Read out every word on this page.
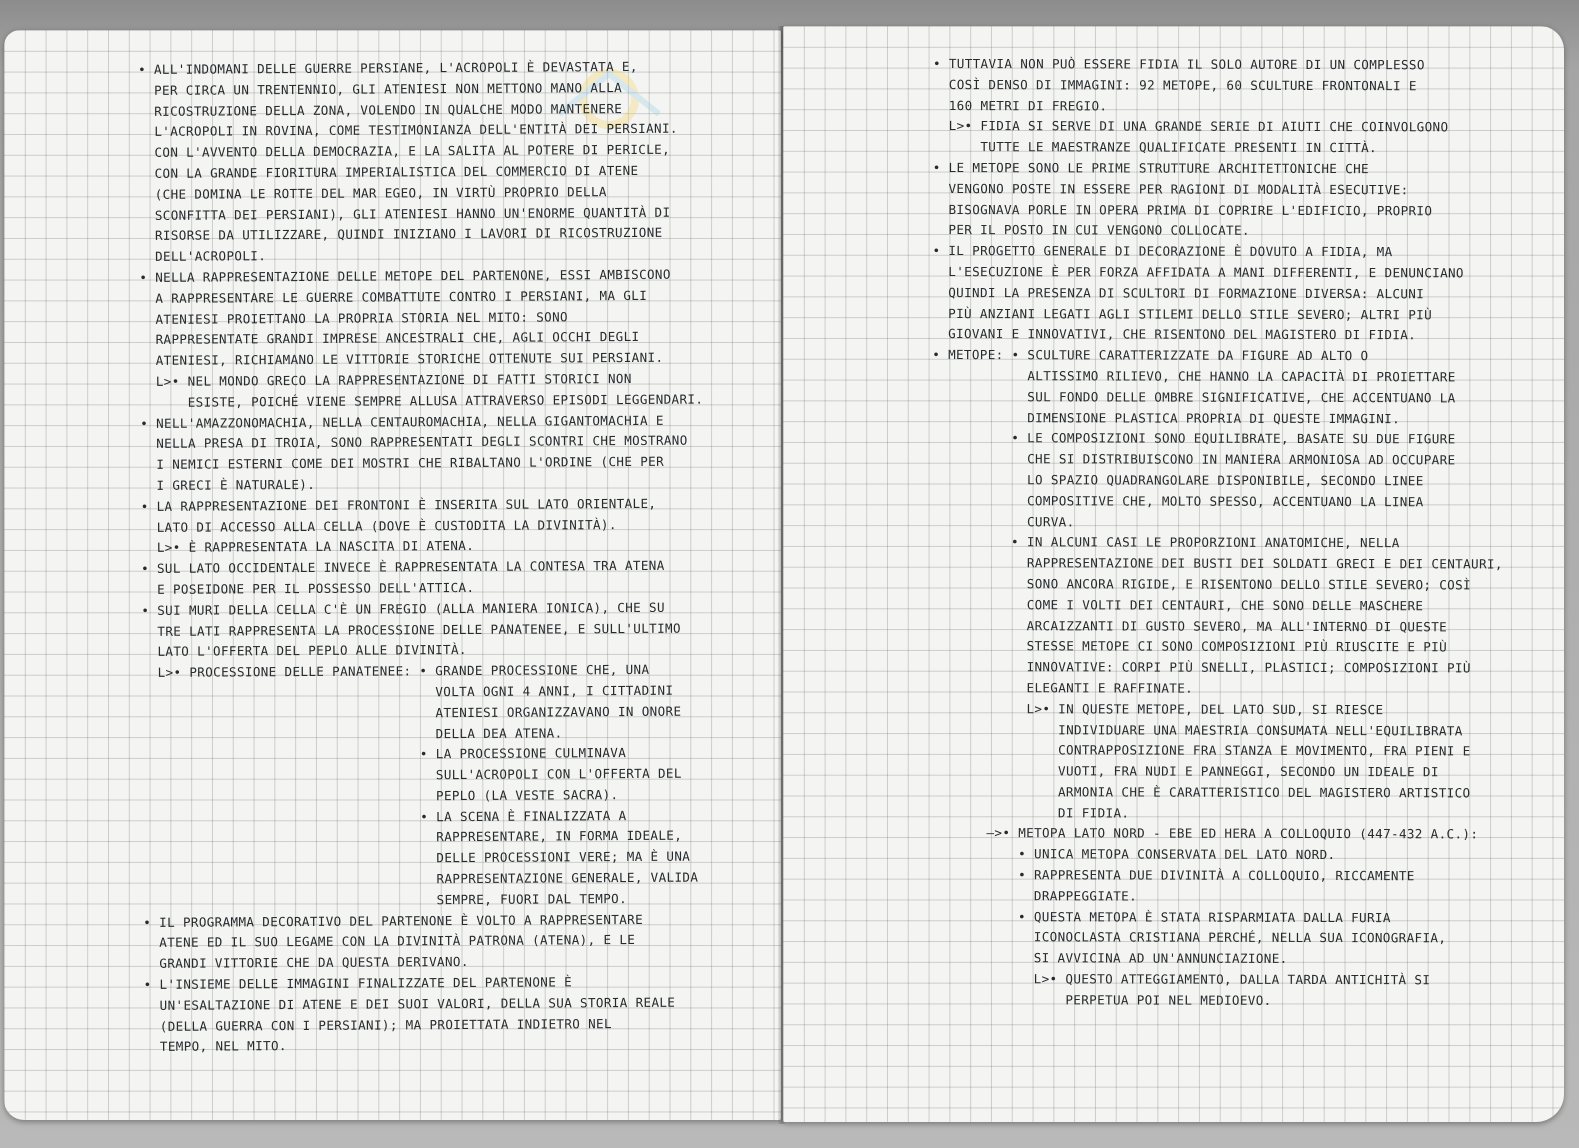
• ALL'INDOMANI DELLE GUERRE PERSIANE, L'ACROPOLI È DEVASTATA E,
PER CIRCA UN TRENTENNIO, GLI ATENIESI NON METTONO MANO ALLA
RICOSTRUZIONE DELLA ZONA, VOLENDO IN QUALCHE MODO MANTENERE
L'ACROPOLI IN ROVINA, COME TESTIMONIANZA DELL'ENTITÀ DEI PERSIANI.
CON L'AVVENTO DELLA DEMOCRAZIA, E LA SALITA AL POTERE DI PERICLE,
CON LA GRANDE FIORITURA IMPERIALISTICA DEL COMMERCIO DI ATENE
(CHE DOMINA LE ROTTE DEL MAR EGEO, IN VIRTÙ PROPRIO DELLA
SCONFITTA DEI PERSIANI), GLI ATENIESI HANNO UN'ENORME QUANTITÀ DI
RISORSE DA UTILIZZARE, QUINDI INIZIANO I LAVORI DI RICOSTRUZIONE
DELL'ACROPOLI.
• NELLA RAPPRESENTAZIONE DELLE METOPE DEL PARTENONE, ESSI AMBISCONO
A RAPPRESENTARE LE GUERRE COMBATTUTE CONTRO I PERSIANI, MA GLI
ATENIESI PROIETTANO LA PROPRIA STORIA NEL MITO: SONO
RAPPRESENTATE GRANDI IMPRESE ANCESTRALI CHE, AGLI OCCHI DEGLI
ATENIESI, RICHIAMANO LE VITTORIE STORICHE OTTENUTE SUI PERSIANI.
L>• NEL MONDO GRECO LA RAPPRESENTAZIONE DI FATTI STORICI NON
ESISTE, POICHÉ VIENE SEMPRE ALLUSA ATTRAVERSO EPISODI LEGGENDARI.
• NELL'AMAZZONOMACHIA, NELLA CENTAUROMACHIA, NELLA GIGANTOMACHIA E
NELLA PRESA DI TROIA, SONO RAPPRESENTATI DEGLI SCONTRI CHE MOSTRANO
I NEMICI ESTERNI COME DEI MOSTRI CHE RIBALTANO L'ORDINE (CHE PER
I GRECI È NATURALE).
• LA RAPPRESENTAZIONE DEI FRONTONI È INSERITA SUL LATO ORIENTALE,
LATO DI ACCESSO ALLA CELLA (DOVE È CUSTODITA LA DIVINITÀ).
L>• È RAPPRESENTATA LA NASCITA DI ATENA.
• SUL LATO OCCIDENTALE INVECE È RAPPRESENTATA LA CONTESA TRA ATENA
E POSEIDONE PER IL POSSESSO DELL'ATTICA.
• SUI MURI DELLA CELLA C'È UN FREGIO (ALLA MANIERA IONICA), CHE SU
TRE LATI RAPPRESENTA LA PROCESSIONE DELLE PANATENEE, E SULL'ULTIMO
LATO L'OFFERTA DEL PEPLO ALLE DIVINITÀ.
L>• PROCESSIONE DELLE PANATENEE: • GRANDE PROCESSIONE CHE, UNA
VOLTA OGNI 4 ANNI, I CITTADINI
ATENIESI ORGANIZZAVANO IN ONORE
DELLA DEA ATENA.
• LA PROCESSIONE CULMINAVA
SULL'ACROPOLI CON L'OFFERTA DEL
PEPLO (LA VESTE SACRA).
• LA SCENA È FINALIZZATA A
RAPPRESENTARE, IN FORMA IDEALE,
DELLE PROCESSIONI VERE; MA È UNA
RAPPRESENTAZIONE GENERALE, VALIDA
SEMPRE, FUORI DAL TEMPO.
• IL PROGRAMMA DECORATIVO DEL PARTENONE È VOLTO A RAPPRESENTARE
ATENE ED IL SUO LEGAME CON LA DIVINITÀ PATRONA (ATENA), E LE
GRANDI VITTORIE CHE DA QUESTA DERIVANO.
• L'INSIEME DELLE IMMAGINI FINALIZZATE DEL PARTENONE È
UN'ESALTAZIONE DI ATENE E DEI SUOI VALORI, DELLA SUA STORIA REALE
(DELLA GUERRA CON I PERSIANI); MA PROIETTATA INDIETRO NEL
TEMPO, NEL MITO.
• TUTTAVIA NON PUÒ ESSERE FIDIA IL SOLO AUTORE DI UN COMPLESSO
COSÌ DENSO DI IMMAGINI: 92 METOPE, 60 SCULTURE FRONTONALI E
160 METRI DI FREGIO.
L>• FIDIA SI SERVE DI UNA GRANDE SERIE DI AIUTI CHE COINVOLGONO
TUTTE LE MAESTRANZE QUALIFICATE PRESENTI IN CITTÀ.
• LE METOPE SONO LE PRIME STRUTTURE ARCHITETTONICHE CHE
VENGONO POSTE IN ESSERE PER RAGIONI DI MODALITÀ ESECUTIVE:
BISOGNAVA PORLE IN OPERA PRIMA DI COPRIRE L'EDIFICIO, PROPRIO
PER IL POSTO IN CUI VENGONO COLLOCATE.
• IL PROGETTO GENERALE DI DECORAZIONE È DOVUTO A FIDIA, MA
L'ESECUZIONE È PER FORZA AFFIDATA A MANI DIFFERENTI, E DENUNCIANO
QUINDI LA PRESENZA DI SCULTORI DI FORMAZIONE DIVERSA: ALCUNI
PIÙ ANZIANI LEGATI AGLI STILEMI DELLO STILE SEVERO; ALTRI PIÙ
GIOVANI E INNOVATIVI, CHE RISENTONO DEL MAGISTERO DI FIDIA.
• METOPE: • SCULTURE CARATTERIZZATE DA FIGURE AD ALTO O
ALTISSIMO RILIEVO, CHE HANNO LA CAPACITÀ DI PROIETTARE
SUL FONDO DELLE OMBRE SIGNIFICATIVE, CHE ACCENTUANO LA
DIMENSIONE PLASTICA PROPRIA DI QUESTE IMMAGINI.
• LE COMPOSIZIONI SONO EQUILIBRATE, BASATE SU DUE FIGURE
CHE SI DISTRIBUISCONO IN MANIERA ARMONIOSA AD OCCUPARE
LO SPAZIO QUADRANGOLARE DISPONIBILE, SECONDO LINEE
COMPOSITIVE CHE, MOLTO SPESSO, ACCENTUANO LA LINEA
CURVA.
• IN ALCUNI CASI LE PROPORZIONI ANATOMICHE, NELLA
RAPPRESENTAZIONE DEI BUSTI DEI SOLDATI GRECI E DEI CENTAURI,
SONO ANCORA RIGIDE, E RISENTONO DELLO STILE SEVERO; COSÌ
COME I VOLTI DEI CENTAURI, CHE SONO DELLE MASCHERE
ARCAIZZANTI DI GUSTO SEVERO, MA ALL'INTERNO DI QUESTE
STESSE METOPE CI SONO COMPOSIZIONI PIÙ RIUSCITE E PIÙ
INNOVATIVE: CORPI PIÙ SNELLI, PLASTICI; COMPOSIZIONI PIÙ
ELEGANTI E RAFFINATE.
L>• IN QUESTE METOPE, DEL LATO SUD, SI RIESCE
INDIVIDUARE UNA MAESTRIA CONSUMATA NELL'EQUILIBRATA
CONTRAPPOSIZIONE FRA STANZA E MOVIMENTO, FRA PIENI E
VUOTI, FRA NUDI E PANNEGGI, SECONDO UN IDEALE DI
ARMONIA CHE È CARATTERISTICO DEL MAGISTERO ARTISTICO
DI FIDIA.
—>• METOPA LATO NORD - EBE ED HERA A COLLOQUIO (447-432 A.C.):
• UNICA METOPA CONSERVATA DEL LATO NORD.
• RAPPRESENTA DUE DIVINITÀ A COLLOQUIO, RICCAMENTE
DRAPPEGGIATE.
• QUESTA METOPA È STATA RISPARMIATA DALLA FURIA
ICONOCLASTA CRISTIANA PERCHÉ, NELLA SUA ICONOGRAFIA,
SI AVVICINA AD UN'ANNUNCIAZIONE.
L>• QUESTO ATTEGGIAMENTO, DALLA TARDA ANTICHITÀ SI
PERPETUA POI NEL MEDIOEVO.
